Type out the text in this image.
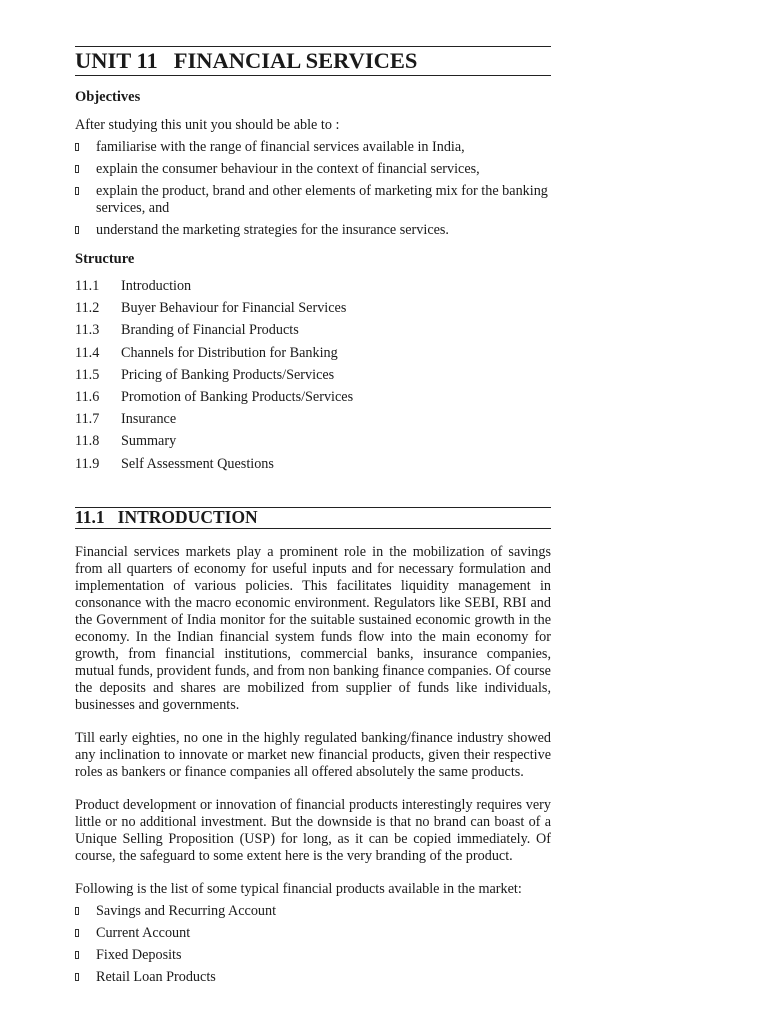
UNIT 11 FINANCIAL SERVICES
Objectives
After studying this unit you should be able to :
familiarise with the range of financial services available in India,
explain the consumer behaviour in the context of financial services,
explain the product, brand and other elements of marketing mix for the banking services, and
understand the marketing strategies for the insurance services.
Structure
11.1	Introduction
11.2	Buyer Behaviour for Financial Services
11.3	Branding of Financial Products
11.4	Channels for Distribution for Banking
11.5	Pricing of Banking Products/Services
11.6	Promotion of Banking Products/Services
11.7	Insurance
11.8	Summary
11.9	Self Assessment Questions
11.1 INTRODUCTION

Financial services markets play a prominent role in the mobilization of savings from all quarters of economy for useful inputs and for necessary formulation and implementation of various policies. This facilitates liquidity management in consonance with the macro economic environment. Regulators like SEBI, RBI and the Government of India monitor for the suitable sustained economic growth in the economy. In the Indian financial system funds flow into the main economy for growth, from financial institutions, commercial banks, insurance companies, mutual funds, provident funds, and from non banking finance companies. Of course the deposits and shares are mobilized from supplier of funds like individuals, businesses and governments.

Till early eighties, no one in the highly regulated banking/finance industry showed any inclination to innovate or market new financial products, given their respective roles as bankers or finance companies all offered absolutely the same products.

Product development or innovation of financial products interestingly requires very little or no additional investment. But the downside is that no brand can boast of a Unique Selling Proposition (USP) for long, as it can be copied immediately. Of course, the safeguard to some extent here is the very branding of the product.

Following is the list of some typical financial products available in the market:

Savings and Recurring Account
Current Account
Fixed Deposits
Retail Loan Products
